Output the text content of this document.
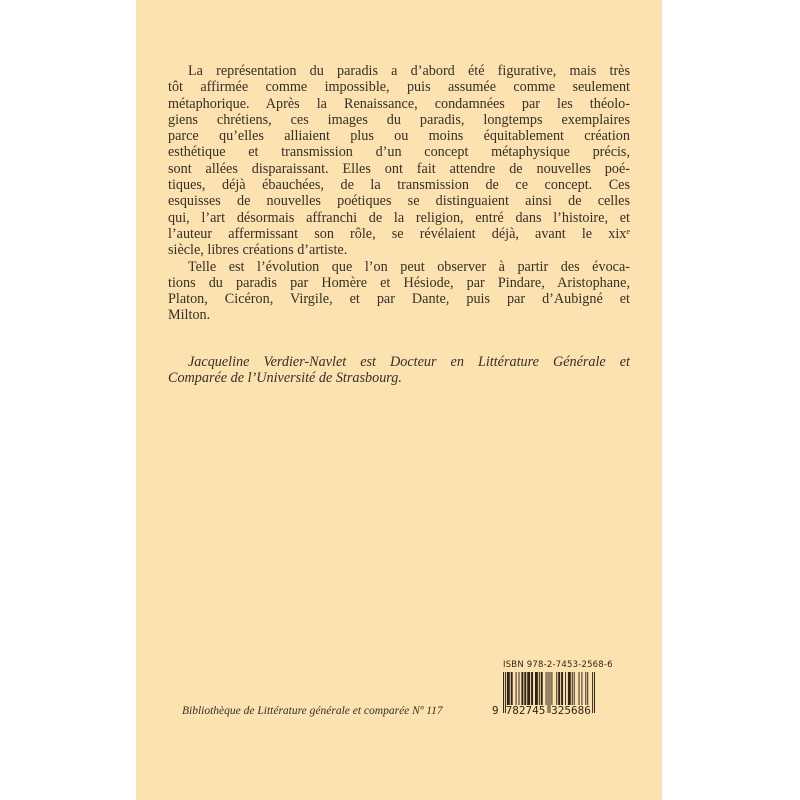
La représentation du paradis a d’abord été figurative, mais très
tôt affirmée comme impossible, puis assumée comme seulement
métaphorique. Après la Renaissance, condamnées par les théolo-
giens chrétiens, ces images du paradis, longtemps exemplaires
parce qu’elles alliaient plus ou moins équitablement création
esthétique et transmission d’un concept métaphysique précis,
sont allées disparaissant. Elles ont fait attendre de nouvelles poé-
tiques, déjà ébauchées, de la transmission de ce concept. Ces
esquisses de nouvelles poétiques se distinguaient ainsi de celles
qui, l’art désormais affranchi de la religion, entré dans l’histoire, et
l’auteur affermissant son rôle, se révélaient déjà, avant le xixᵉ
siècle, libres créations d’artiste.
Telle est l’évolution que l’on peut observer à partir des évoca-
tions du paradis par Homère et Hésiode, par Pindare, Aristophane,
Platon, Cicéron, Virgile, et par Dante, puis par d’Aubigné et
Milton.
Jacqueline Verdier-Navlet est Docteur en Littérature Générale et
Comparée de l’Université de Strasbourg.
ISBN 978-2-7453-2568-6
9 782745 325686
Bibliothèque de Littérature générale et comparée Nº 117
